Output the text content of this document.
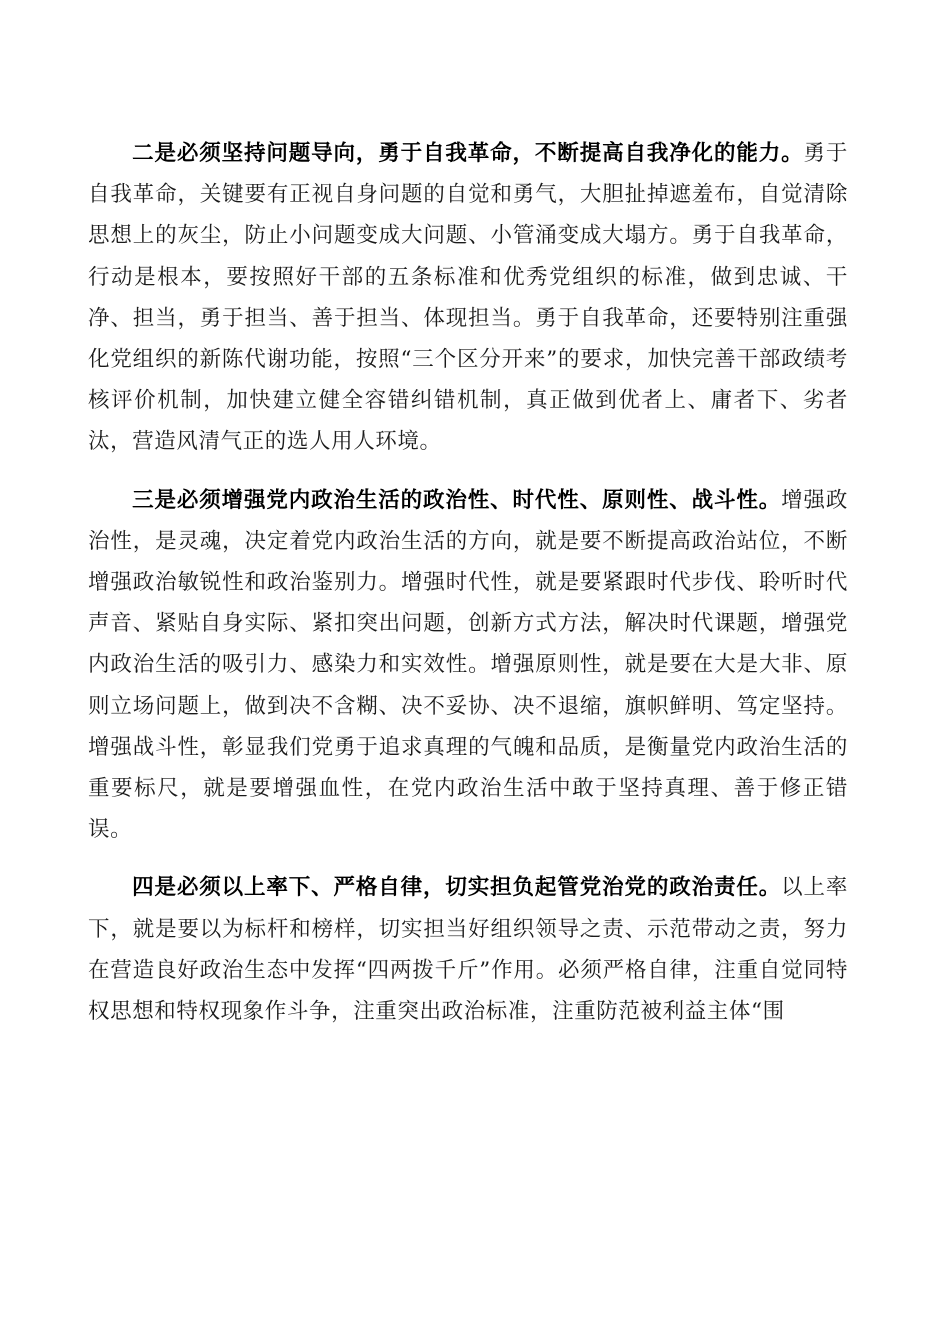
二是必须坚持问题导向，勇于自我革命，不断提高自我净化的能力。勇于自我革命，关键要有正视自身问题的自觉和勇气，大胆扯掉遮羞布，自觉清除思想上的灰尘，防止小问题变成大问题、小管涌变成大塌方。勇于自我革命，行动是根本，要按照好干部的五条标准和优秀党组织的标准，做到忠诚、干净、担当，勇于担当、善于担当、体现担当。勇于自我革命，还要特别注重强化党组织的新陈代谢功能，按照“三个区分开来”的要求，加快完善干部政绩考核评价机制，加快建立健全容错纠错机制，真正做到优者上、庸者下、劣者汰，营造风清气正的选人用人环境。

三是必须增强党内政治生活的政治性、时代性、原则性、战斗性。增强政治性，是灵魂，决定着党内政治生活的方向，就是要不断提高政治站位，不断增强政治敏锐性和政治鉴别力。增强时代性，就是要紧跟时代步伐、聆听时代声音、紧贴自身实际、紧扣突出问题，创新方式方法，解决时代课题，增强党内政治生活的吸引力、感染力和实效性。增强原则性，就是要在大是大非、原则立场问题上，做到决不含糊、决不妥协、决不退缩，旗帜鲜明、笃定坚持。增强战斗性，彰显我们党勇于追求真理的气魄和品质，是衡量党内政治生活的重要标尺，就是要增强血性，在党内政治生活中敢于坚持真理、善于修正错误。

四是必须以上率下、严格自律，切实担负起管党治党的政治责任。以上率下，就是要以为标杆和榜样，切实担当好组织领导之责、示范带动之责，努力在营造良好政治生态中发挥“四两拨千斤”作用。必须严格自律，注重自觉同特权思想和特权现象作斗争，注重突出政治标准，注重防范被利益主体“围
